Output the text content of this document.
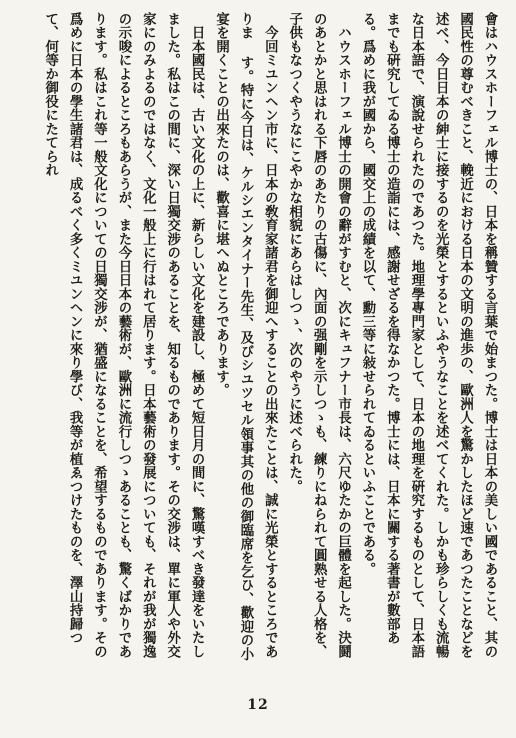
會はハウスホーフェル博士の、日本を稱贊する言葉で始まつた。博士は日本の美しい國であること、其の國民性の尊むべきこと、輓近における日本の文明の進歩の、歐洲人を驚かしたほど速であつたことなどを述べ、今日日本の紳士に接するのを光榮とするといふやうなことを述べてくれた。しかも珍らしくも流暢な日本語で、演說せられたのであつた。地理學專門家として、日本の地理を硏究するものとして、日本語までも硏究してゐる博士の造詣には、感謝せざるを得なかつた。博士には、日本に關する著書が數部ある。爲めに我が國から、國交上の成績を以て、勳三等に敍せられてゐるといふことである。

　ハウスホーフェル博士の開會の辭がすむと、次にキュフナー市長は、六尺ゆたかの巨體を起した。決鬪のあとかと思はれる下唇のあたりの古傷に、內面の强剛を示しつゝも、練りにねられて圓熟せる人格を、子供もなつくやうなにこやかな相貌にあらはしつゝ、次のやうに述べられた。

　今回ミユンヘン市に、日本の敎育家諸君を御迎へすることの出來たことは、誠に光榮とするところでありま す。特に今日は、ケルシエンタイナー先生、及びシユツセル領事其の他の御臨席を乞ひ、歡迎の小宴を開くことの出來たのは、歡喜に堪へぬところであります。

　日本國民は、古い文化の上に、新らしい文化を建設し、極めて短日月の間に、驚嘆すべき發達をいたしました。私はこの間に、深い日獨交涉のあることを、知るものであります。その交涉は、單に軍人や外交家にのみよるのではなく、文化一般上に行はれて居ります。日本藝術の發展についても、それが我が獨逸の示唆によるところもあらうが、また今日日本の藝術が、歐洲に流行しつゝあることも、驚くばかりであります。私はこれ等一般文化についての日獨交涉が、猶盛になることを、希望するものであります。その爲めに日本の學生諸君は、成るべく多くミユンヘンに來り學び、我等が植ゑつけたものを、澤山持歸つて、何等か御役にたてられ

12
